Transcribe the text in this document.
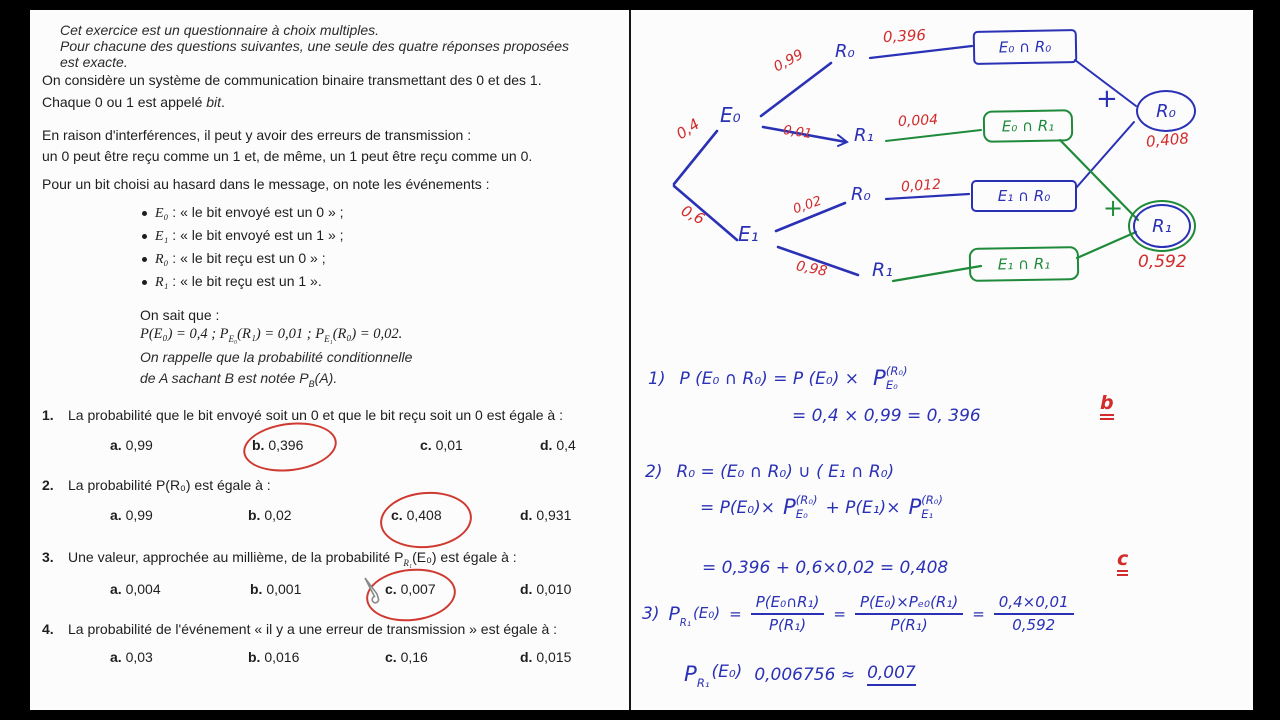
Cet exercice est un questionnaire à choix multiples.
Pour chacune des questions suivantes, une seule des quatre réponses proposées
est exacte.
On considère un système de communication binaire transmettant des 0 et des 1.
Chaque 0 ou 1 est appelé bit.
En raison d'interférences, il peut y avoir des erreurs de transmission :
un 0 peut être reçu comme un 1 et, de même, un 1 peut être reçu comme un 0.
Pour un bit choisi au hasard dans le message, on note les événements :
E₀ : « le bit envoyé est un 0 » ;
E₁ : « le bit envoyé est un 1 » ;
R₀ : « le bit reçu est un 0 » ;
R₁ : « le bit reçu est un 1 ».
On sait que :
P(E₀) = 0,4 ; $P_{E_0}(R_1) = 0,01$ ; $P_{E_1}(R_0) = 0,02$.
On rappelle que la probabilité conditionnelle
de A sachant B est notée $P_B(A)$.
1. La probabilité que le bit envoyé soit un 0 et que le bit reçu soit un 0 est égale à :
a. 0,99	b. 0,396	c. 0,01	d. 0,4
2. La probabilité P(R₀) est égale à :
a. 0,99	b. 0,02	c. 0,408	d. 0,931
3. Une valeur, approchée au millième, de la probabilité $P_{R_1}(E_0)$ est égale à :
a. 0,004	b. 0,001	c. 0,007	d. 0,010
4. La probabilité de l'événement « il y a une erreur de transmission » est égale à :
a. 0,03	b. 0,016	c. 0,16	d. 0,015
0,4
0,6
0,99
0,01
0,02
0,98
E₀
E₁
R₀
R₁
R₀
R₁
0,396
0,004
0,012
E₀ ∩ R₀
E₀ ∩ R₁
E₁ ∩ R₀
E₁ ∩ R₁
+	R₀
0,408
+
R₁
0,592
1) P (E₀ ∩ R₀) = P (E₀) × P (R₀)
E₀
= 0,4 × 0,99 = 0, 396
b
2) R₀ = (E₀ ∩ R₀) ∪ ( E₁ ∩ R₀)
= P(E₀)× P (R₀)
E₀	+ P(E₁)× P (R₀)
E₁
= 0,396 + 0,6×0,02 = 0,408	c
3) P R₁
$(E_0) = \frac{\text{P(E₀∩R₁)}}{\text{P(R₁)}} = \frac{\text{P(E₀)×Pₑ₀(R₁)}}{\text{P(R₁)}} = \frac{0,4\times 0,01}{0,592}$
P R₁
(E₀) 0,006756 ≈ 0,007
